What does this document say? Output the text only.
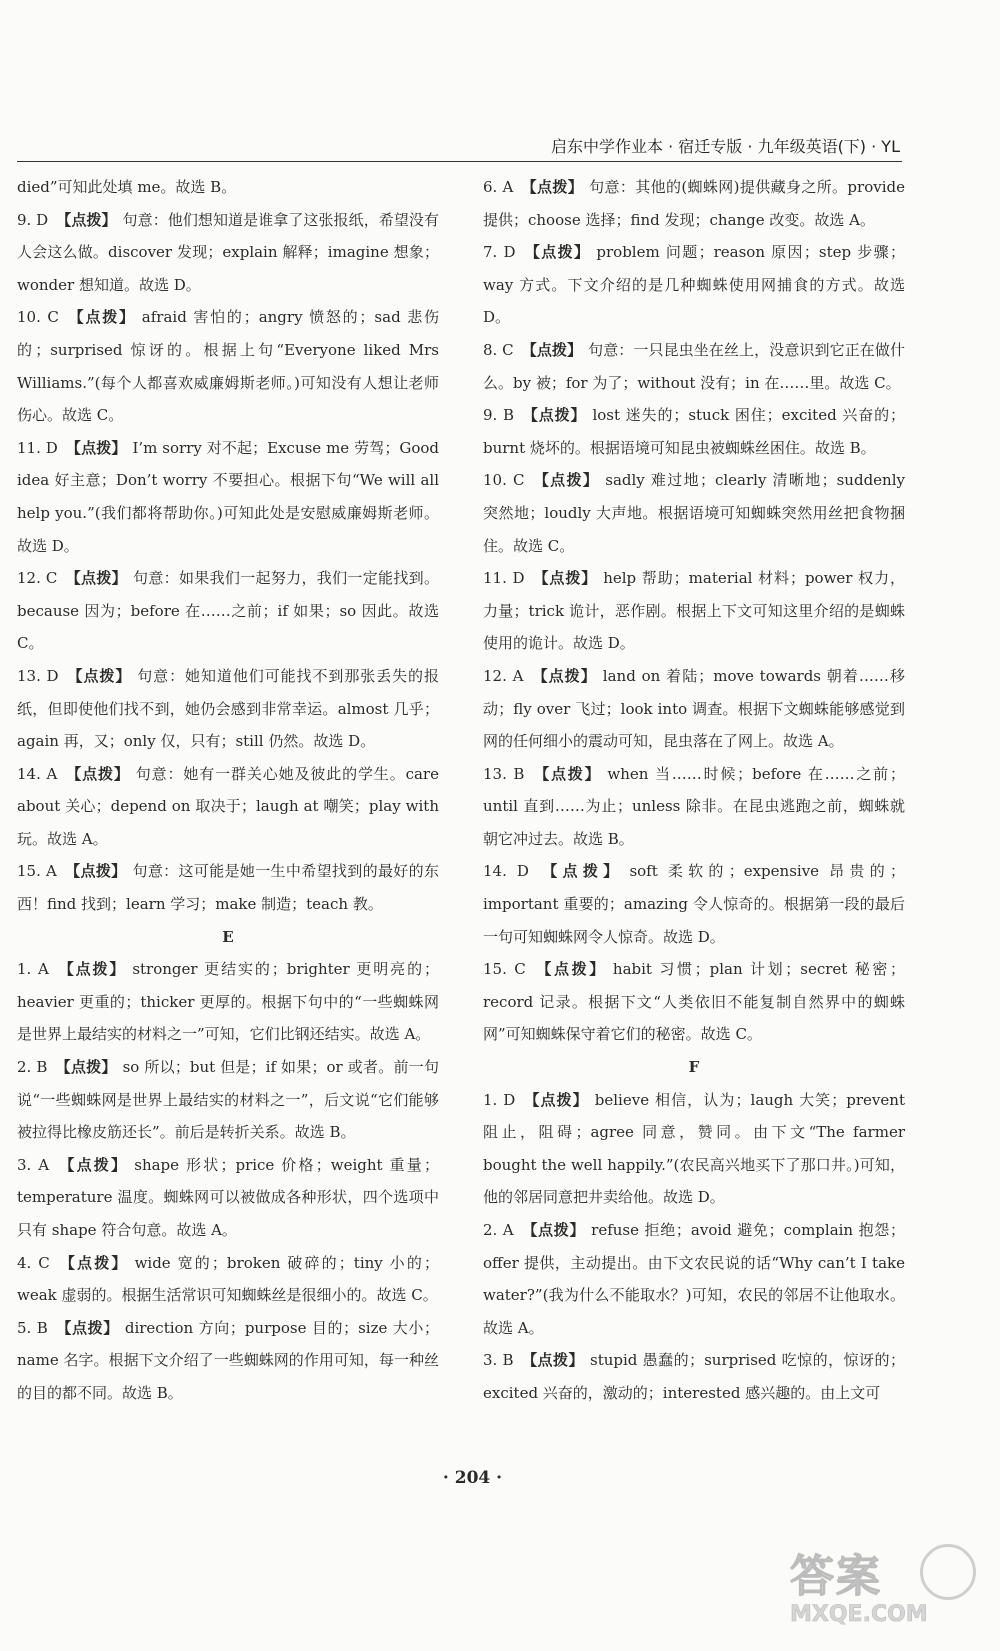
启东中学作业本 · 宿迁专版 · 九年级英语(下) · YL

died”可知此处填 me。故选 B。

9. D 【点拨】 句意：他们想知道是谁拿了这张报纸，希望没有人会这么做。discover 发现；explain 解释；imagine 想象；wonder 想知道。故选 D。

10. C 【点拨】 afraid 害怕的；angry 愤怒的；sad 悲伤的；surprised 惊讶的。根据上句“Everyone liked Mrs Williams.”(每个人都喜欢威廉姆斯老师。)可知没有人想让老师伤心。故选 C。

11. D 【点拨】 I’m sorry 对不起；Excuse me 劳驾；Good idea 好主意；Don’t worry 不要担心。根据下句“We will all help you.”(我们都将帮助你。)可知此处是安慰威廉姆斯老师。故选 D。

12. C 【点拨】 句意：如果我们一起努力，我们一定能找到。because 因为；before 在……之前；if 如果；so 因此。故选 C。

13. D 【点拨】 句意：她知道他们可能找不到那张丢失的报纸，但即使他们找不到，她仍会感到非常幸运。almost 几乎；again 再，又；only 仅，只有；still 仍然。故选 D。

14. A 【点拨】 句意：她有一群关心她及彼此的学生。care about 关心；depend on 取决于；laugh at 嘲笑；play with 玩。故选 A。

15. A 【点拨】 句意：这可能是她一生中希望找到的最好的东西！find 找到；learn 学习；make 制造；teach 教。

E

1. A 【点拨】 stronger 更结实的；brighter 更明亮的；heavier 更重的；thicker 更厚的。根据下句中的“一些蜘蛛网是世界上最结实的材料之一”可知，它们比钢还结实。故选 A。

2. B 【点拨】 so 所以；but 但是；if 如果；or 或者。前一句说“一些蜘蛛网是世界上最结实的材料之一”，后文说“它们能够被拉得比橡皮筋还长”。前后是转折关系。故选 B。

3. A 【点拨】 shape 形状；price 价格；weight 重量；temperature 温度。蜘蛛网可以被做成各种形状，四个选项中只有 shape 符合句意。故选 A。

4. C 【点拨】 wide 宽的；broken 破碎的；tiny 小的；weak 虚弱的。根据生活常识可知蜘蛛丝是很细小的。故选 C。

5. B 【点拨】 direction 方向；purpose 目的；size 大小；name 名字。根据下文介绍了一些蜘蛛网的作用可知，每一种丝的目的都不同。故选 B。

6. A 【点拨】 句意：其他的(蜘蛛网)提供藏身之所。provide 提供；choose 选择；find 发现；change 改变。故选 A。

7. D 【点拨】 problem 问题；reason 原因；step 步骤；way 方式。下文介绍的是几种蜘蛛使用网捕食的方式。故选 D。

8. C 【点拨】 句意：一只昆虫坐在丝上，没意识到它正在做什么。by 被；for 为了；without 没有；in 在……里。故选 C。

9. B 【点拨】 lost 迷失的；stuck 困住；excited 兴奋的；burnt 烧坏的。根据语境可知昆虫被蜘蛛丝困住。故选 B。

10. C 【点拨】 sadly 难过地；clearly 清晰地；suddenly 突然地；loudly 大声地。根据语境可知蜘蛛突然用丝把食物捆住。故选 C。

11. D 【点拨】 help 帮助；material 材料；power 权力，力量；trick 诡计，恶作剧。根据上下文可知这里介绍的是蜘蛛使用的诡计。故选 D。

12. A 【点拨】 land on 着陆；move towards 朝着……移动；fly over 飞过；look into 调查。根据下文蜘蛛能够感觉到网的任何细小的震动可知，昆虫落在了网上。故选 A。

13. B 【点拨】 when 当……时候；before 在……之前；until 直到……为止；unless 除非。在昆虫逃跑之前，蜘蛛就朝它冲过去。故选 B。

14. D 【点拨】 soft 柔软的；expensive 昂贵的；important 重要的；amazing 令人惊奇的。根据第一段的最后一句可知蜘蛛网令人惊奇。故选 D。

15. C 【点拨】 habit 习惯；plan 计划；secret 秘密；record 记录。根据下文“人类依旧不能复制自然界中的蜘蛛网”可知蜘蛛保守着它们的秘密。故选 C。

F

1. D 【点拨】 believe 相信，认为；laugh 大笑；prevent 阻止，阻碍；agree 同意，赞同。由下文“The farmer bought the well happily.”(农民高兴地买下了那口井。)可知，他的邻居同意把井卖给他。故选 D。

2. A 【点拨】 refuse 拒绝；avoid 避免；complain 抱怨；offer 提供，主动提出。由下文农民说的话“Why can’t I take water?”(我为什么不能取水？)可知，农民的邻居不让他取水。故选 A。

3. B 【点拨】 stupid 愚蠢的；surprised 吃惊的，惊讶的；excited 兴奋的，激动的；interested 感兴趣的。由上文可

· 204 ·
答案
MXQE.COM
